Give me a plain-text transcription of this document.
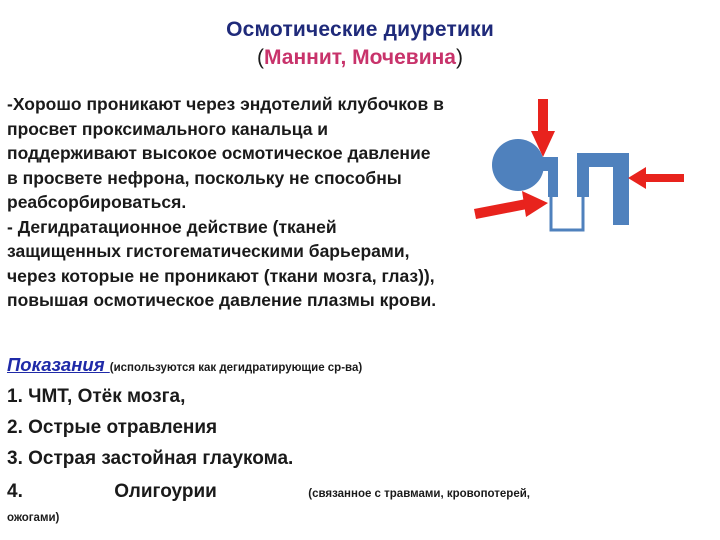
Осмотические диуретики
(Маннит, Мочевина)

-Хорошо проникают через эндотелий клубочков в

просвет проксимального канальца и

поддерживают высокое осмотическое давление

в просвете нефрона, поскольку не способны

реабсорбироваться.

- Дегидратационное действие (тканей

защищенных гистогематическими барьерами,

через которые не проникают (ткани мозга, глаз)),

повышая осмотическое давление плазмы крови.

Показания (используются как дегидратирующие ср-ва)
1. ЧМТ, Отёк мозга,
2. Острые отравления
3. Острая застойная глаукома.
4.	Олигоурии	(связанное с травмами, кровопотерей,
ожогами)
